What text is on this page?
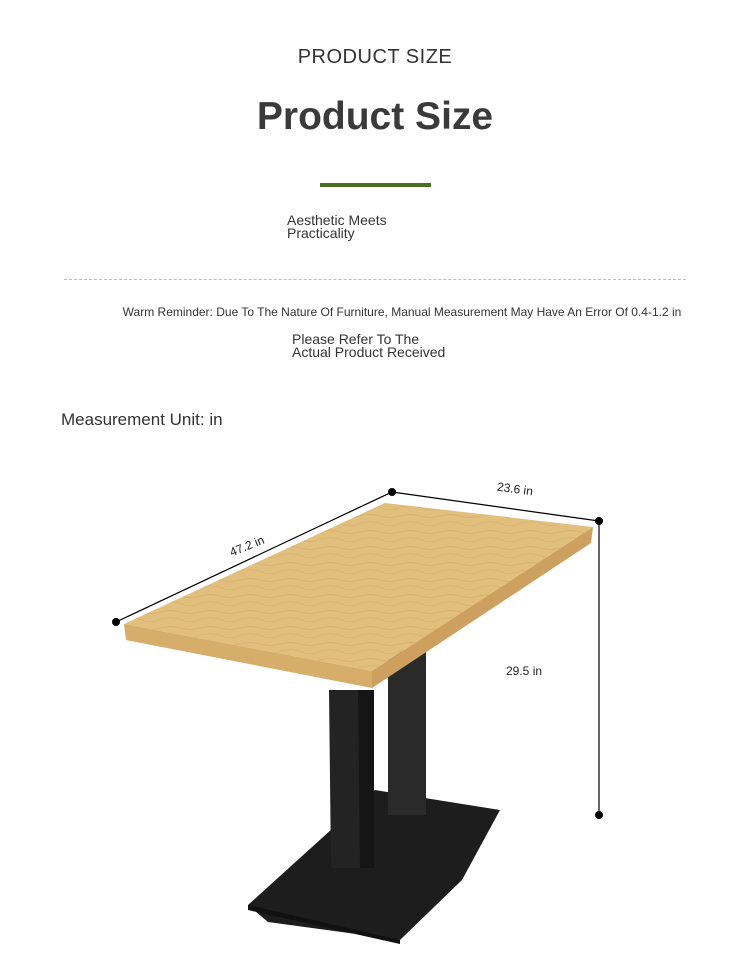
PRODUCT SIZE
Product Size
Aesthetic Meets
Practicality
Warm Reminder: Due To The Nature Of Furniture, Manual Measurement May Have An Error Of 0.4-1.2 in
Please Refer To The
Actual Product Received
Measurement Unit: in
47.2 in
23.6 in
29.5 in
